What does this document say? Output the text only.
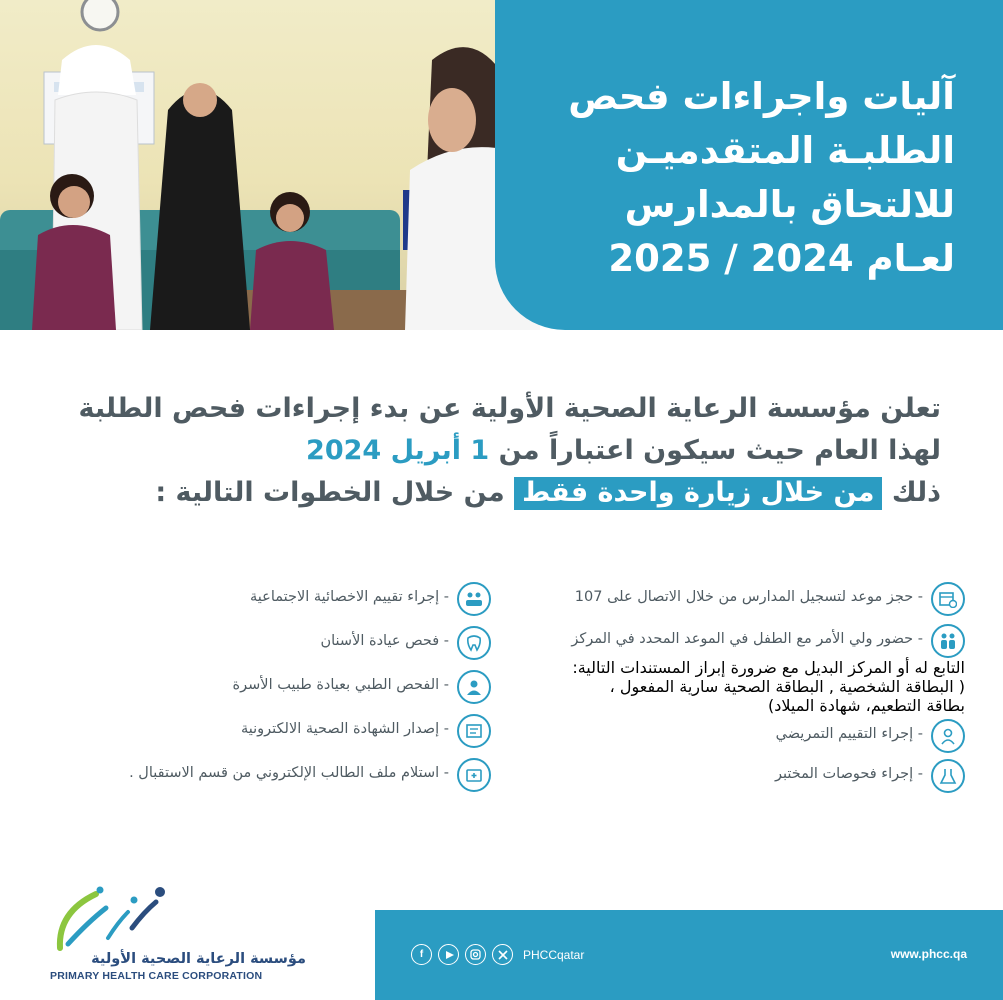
آليات واجراءات فحص
الطلبـة المتقدميـن
للالتحاق بالمدارس
لعـام 2024 / 2025
تعلن مؤسسة الرعاية الصحية الأولية عن بدء إجراءات فحص الطلبة
لهذا العام حيث سيكون اعتباراً من 1 أبريل 2024
ذلك من خلال زيارة واحدة فقط من خلال الخطوات التالية :
- حجز موعد لتسجيل المدارس من خلال الاتصال على 107
- حضور ولي الأمر مع الطفل في الموعد المحدد في المركز
التابع له أو المركز البديل مع ضرورة إبراز المستندات التالية:
( البطاقة الشخصية , البطاقة الصحية سارية المفعول ،
بطاقة التطعيم، شهادة الميلاد)
- إجراء التقييم التمريضي
- إجراء فحوصات المختبر
- إجراء تقييم الاخصائية الاجتماعية
- فحص عيادة الأسنان
- الفحص الطبي بعيادة طبيب الأسرة
- إصدار الشهادة الصحية الالكترونية
- استلام ملف الطالب الإلكتروني من قسم الاستقبال .
مؤسسة الرعاية الصحية الأولية
PRIMARY HEALTH CARE CORPORATION
f	PHCCqatar	www.phcc.qa
